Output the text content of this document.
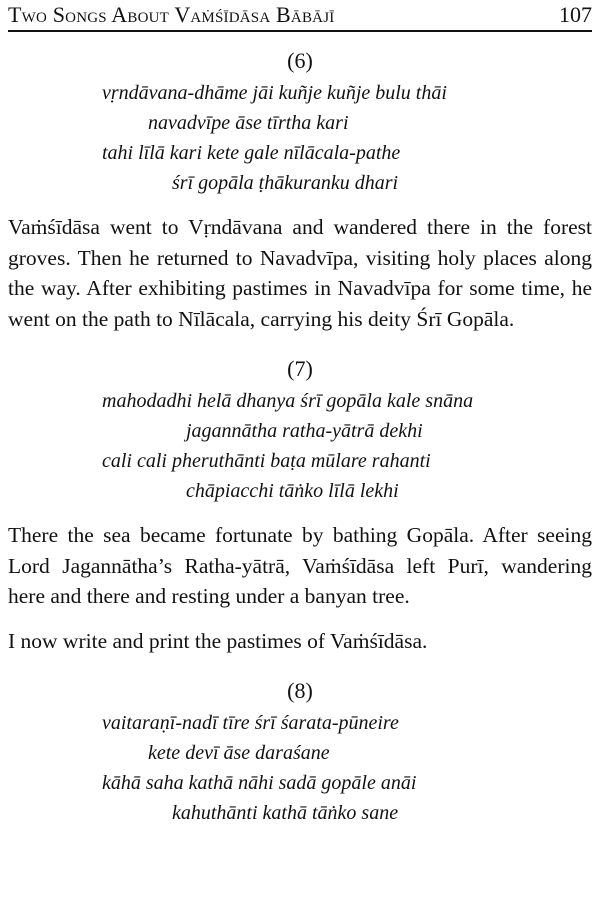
Two Songs About Vaṁśīdāsa Bābājī	107
(6)
vṛndāvana-dhāme jāi kuñje kuñje bulu thāi
navadvīpe āse tīrtha kari
tahi līlā kari kete gale nīlācala-pathe
śrī gopāla ṭhākuranku dhari

Vaṁśīdāsa went to Vṛndāvana and wandered there in the forest groves. Then he returned to Navadvīpa, visiting holy places along the way. After exhibiting pastimes in Navadvīpa for some time, he went on the path to Nīlācala, carrying his deity Śrī Gopāla.

(7)
mahodadhi helā dhanya śrī gopāla kale snāna
jagannātha ratha-yātrā dekhi
cali cali pheruthānti baṭa mūlare rahanti
chāpiacchi tāṅko līlā lekhi

There the sea became fortunate by bathing Gopāla. After seeing Lord Jagannātha’s Ratha-yātrā, Vaṁśīdāsa left Purī, wandering here and there and resting under a banyan tree.

I now write and print the pastimes of Vaṁśīdāsa.

(8)
vaitaraṇī-nadī tīre śrī śarata-pūneire
kete devī āse daraśane
kāhā saha kathā nāhi sadā gopāle anāi
kahuthānti kathā tāṅko sane
